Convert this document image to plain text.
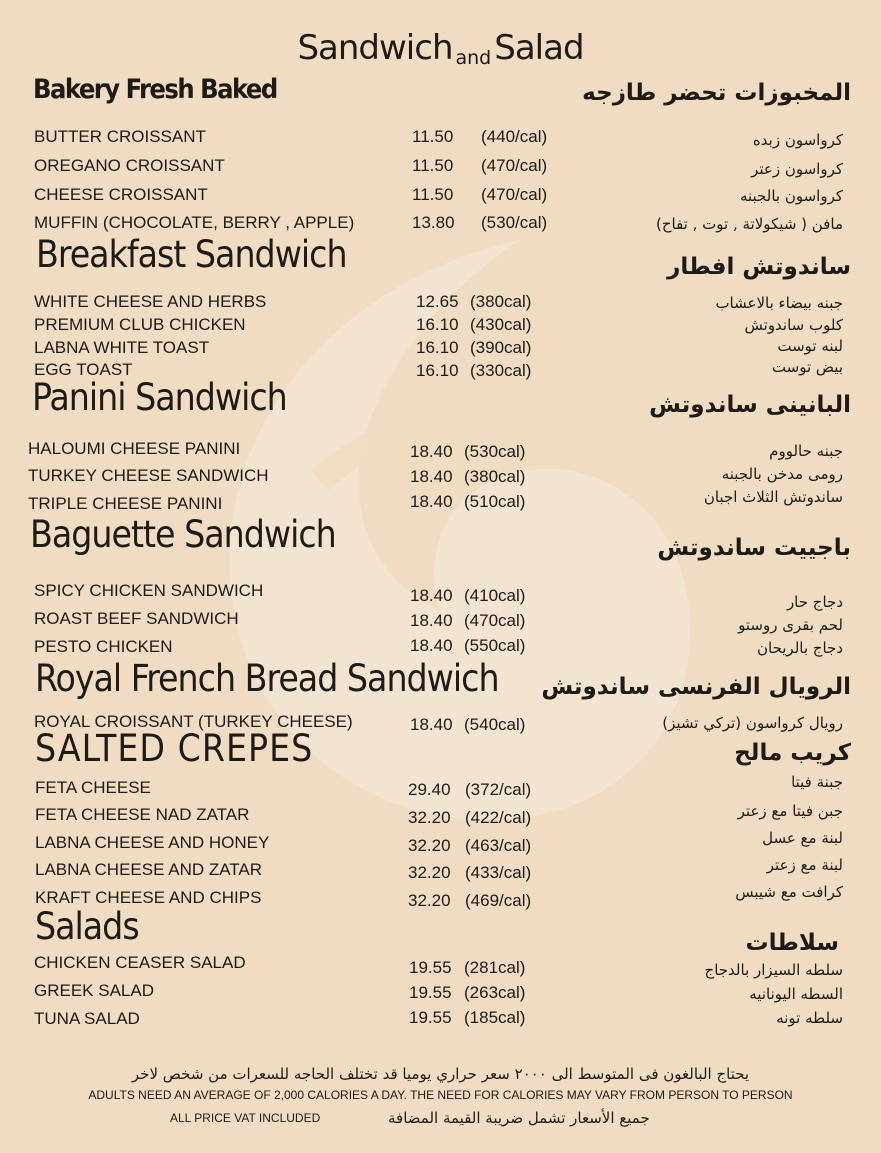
Sandwich andSalad
Bakery Fresh Baked	المخبوزات تحضر طازجه
BUTTER CROISSANT	11.50 (440/cal)	كرواسون زبده
OREGANO CROISSANT	11.50 (470/cal)	كرواسون زعتر
CHEESE CROISSANT	11.50 (470/cal)	كرواسون بالجبنه
MUFFIN (CHOCOLATE, BERRY , APPLE)	13.80 (530/cal)	مافن ( شيكولاتة , توت , تفاح)
Breakfast Sandwich	ساندوتش افطار
WHITE CHEESE AND HERBS	12.65 (380cal)	جبنه بيضاء بالاعشاب
PREMIUM CLUB CHICKEN	16.10 (430cal)	كلوب ساندوتش
LABNA WHITE TOAST	16.10 (390cal)	لبنه توست
EGG TOAST	16.10 (330cal)	بيض توست
Panini Sandwich	البانينى ساندوتش
HALOUMI CHEESE PANINI	18.40 (530cal)	جبنه حالووم
TURKEY CHEESE SANDWICH	18.40 (380cal)	رومى مدخن بالجبنه
TRIPLE CHEESE PANINI	18.40 (510cal)	ساندوتش الثلاث اجبان
Baguette Sandwich	باجييت ساندوتش
SPICY CHICKEN SANDWICH	18.40 (410cal)	دجاج حار
ROAST BEEF SANDWICH	18.40 (470cal)	لحم بقرى روستو
PESTO CHICKEN	18.40 (550cal)	دجاج بالريحان
Royal French Bread Sandwich الرويال الفرنسى ساندوتش
ROYAL CROISSANT (TURKEY CHEESE)	18.40 (540cal)	رويال كرواسون (تركي تشيز)
SALTED CREPES	كريب مالح
FETA CHEESE	29.40 (372/cal)	جبنة فيتا
FETA CHEESE NAD ZATAR	32.20 (422/cal)	جبن فيتا مع زعتر
LABNA CHEESE AND HONEY	32.20 (463/cal)	لبنة مع عسل
LABNA CHEESE AND ZATAR	32.20 (433/cal)	لبنة مع زعتر
KRAFT CHEESE AND CHIPS	32.20 (469/cal)	كرافت مع شيبس
Salads	سلاطات
CHICKEN CEASER SALAD	19.55 (281cal)	سلطه السيزار بالدجاج
GREEK SALAD	19.55 (263cal)	السطه اليونانيه
TUNA SALAD	19.55 (185cal)	سلطه تونه
يحتاج البالغون فى المتوسط الى ٢٠٠٠ سعر حراري يوميا قد تختلف الحاجه للسعرات من شخص لاخر
ADULTS NEED AN AVERAGE OF 2,000 CALORIES A DAY. THE NEED FOR CALORIES MAY VARY FROM PERSON TO PERSON
ALL PRICE VAT INCLUDED	جميع الأسعار تشمل ضريبة القيمة المضافة
